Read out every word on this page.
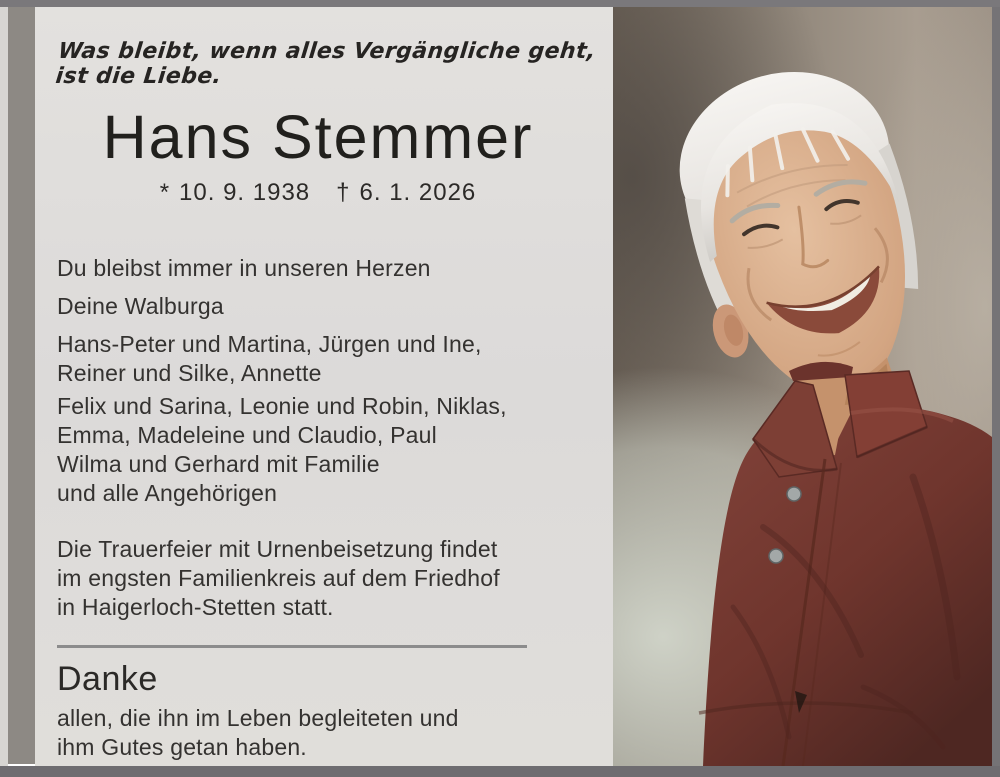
Was bleibt, wenn alles Vergängliche geht, ist die Liebe.
Hans Stemmer
* 10. 9. 1938 † 6. 1. 2026

Du bleibst immer in unseren Herzen

Deine Walburga

Hans-Peter und Martina, Jürgen und Ine,
Reiner und Silke, Annette
Felix und Sarina, Leonie und Robin, Niklas,
Emma, Madeleine und Claudio, Paul
Wilma und Gerhard mit Familie
und alle Angehörigen
Die Trauerfeier mit Urnenbeisetzung findet
im engsten Familienkreis auf dem Friedhof
in Haigerloch-Stetten statt.
Danke
allen, die ihn im Leben begleiteten und
ihm Gutes getan haben.
